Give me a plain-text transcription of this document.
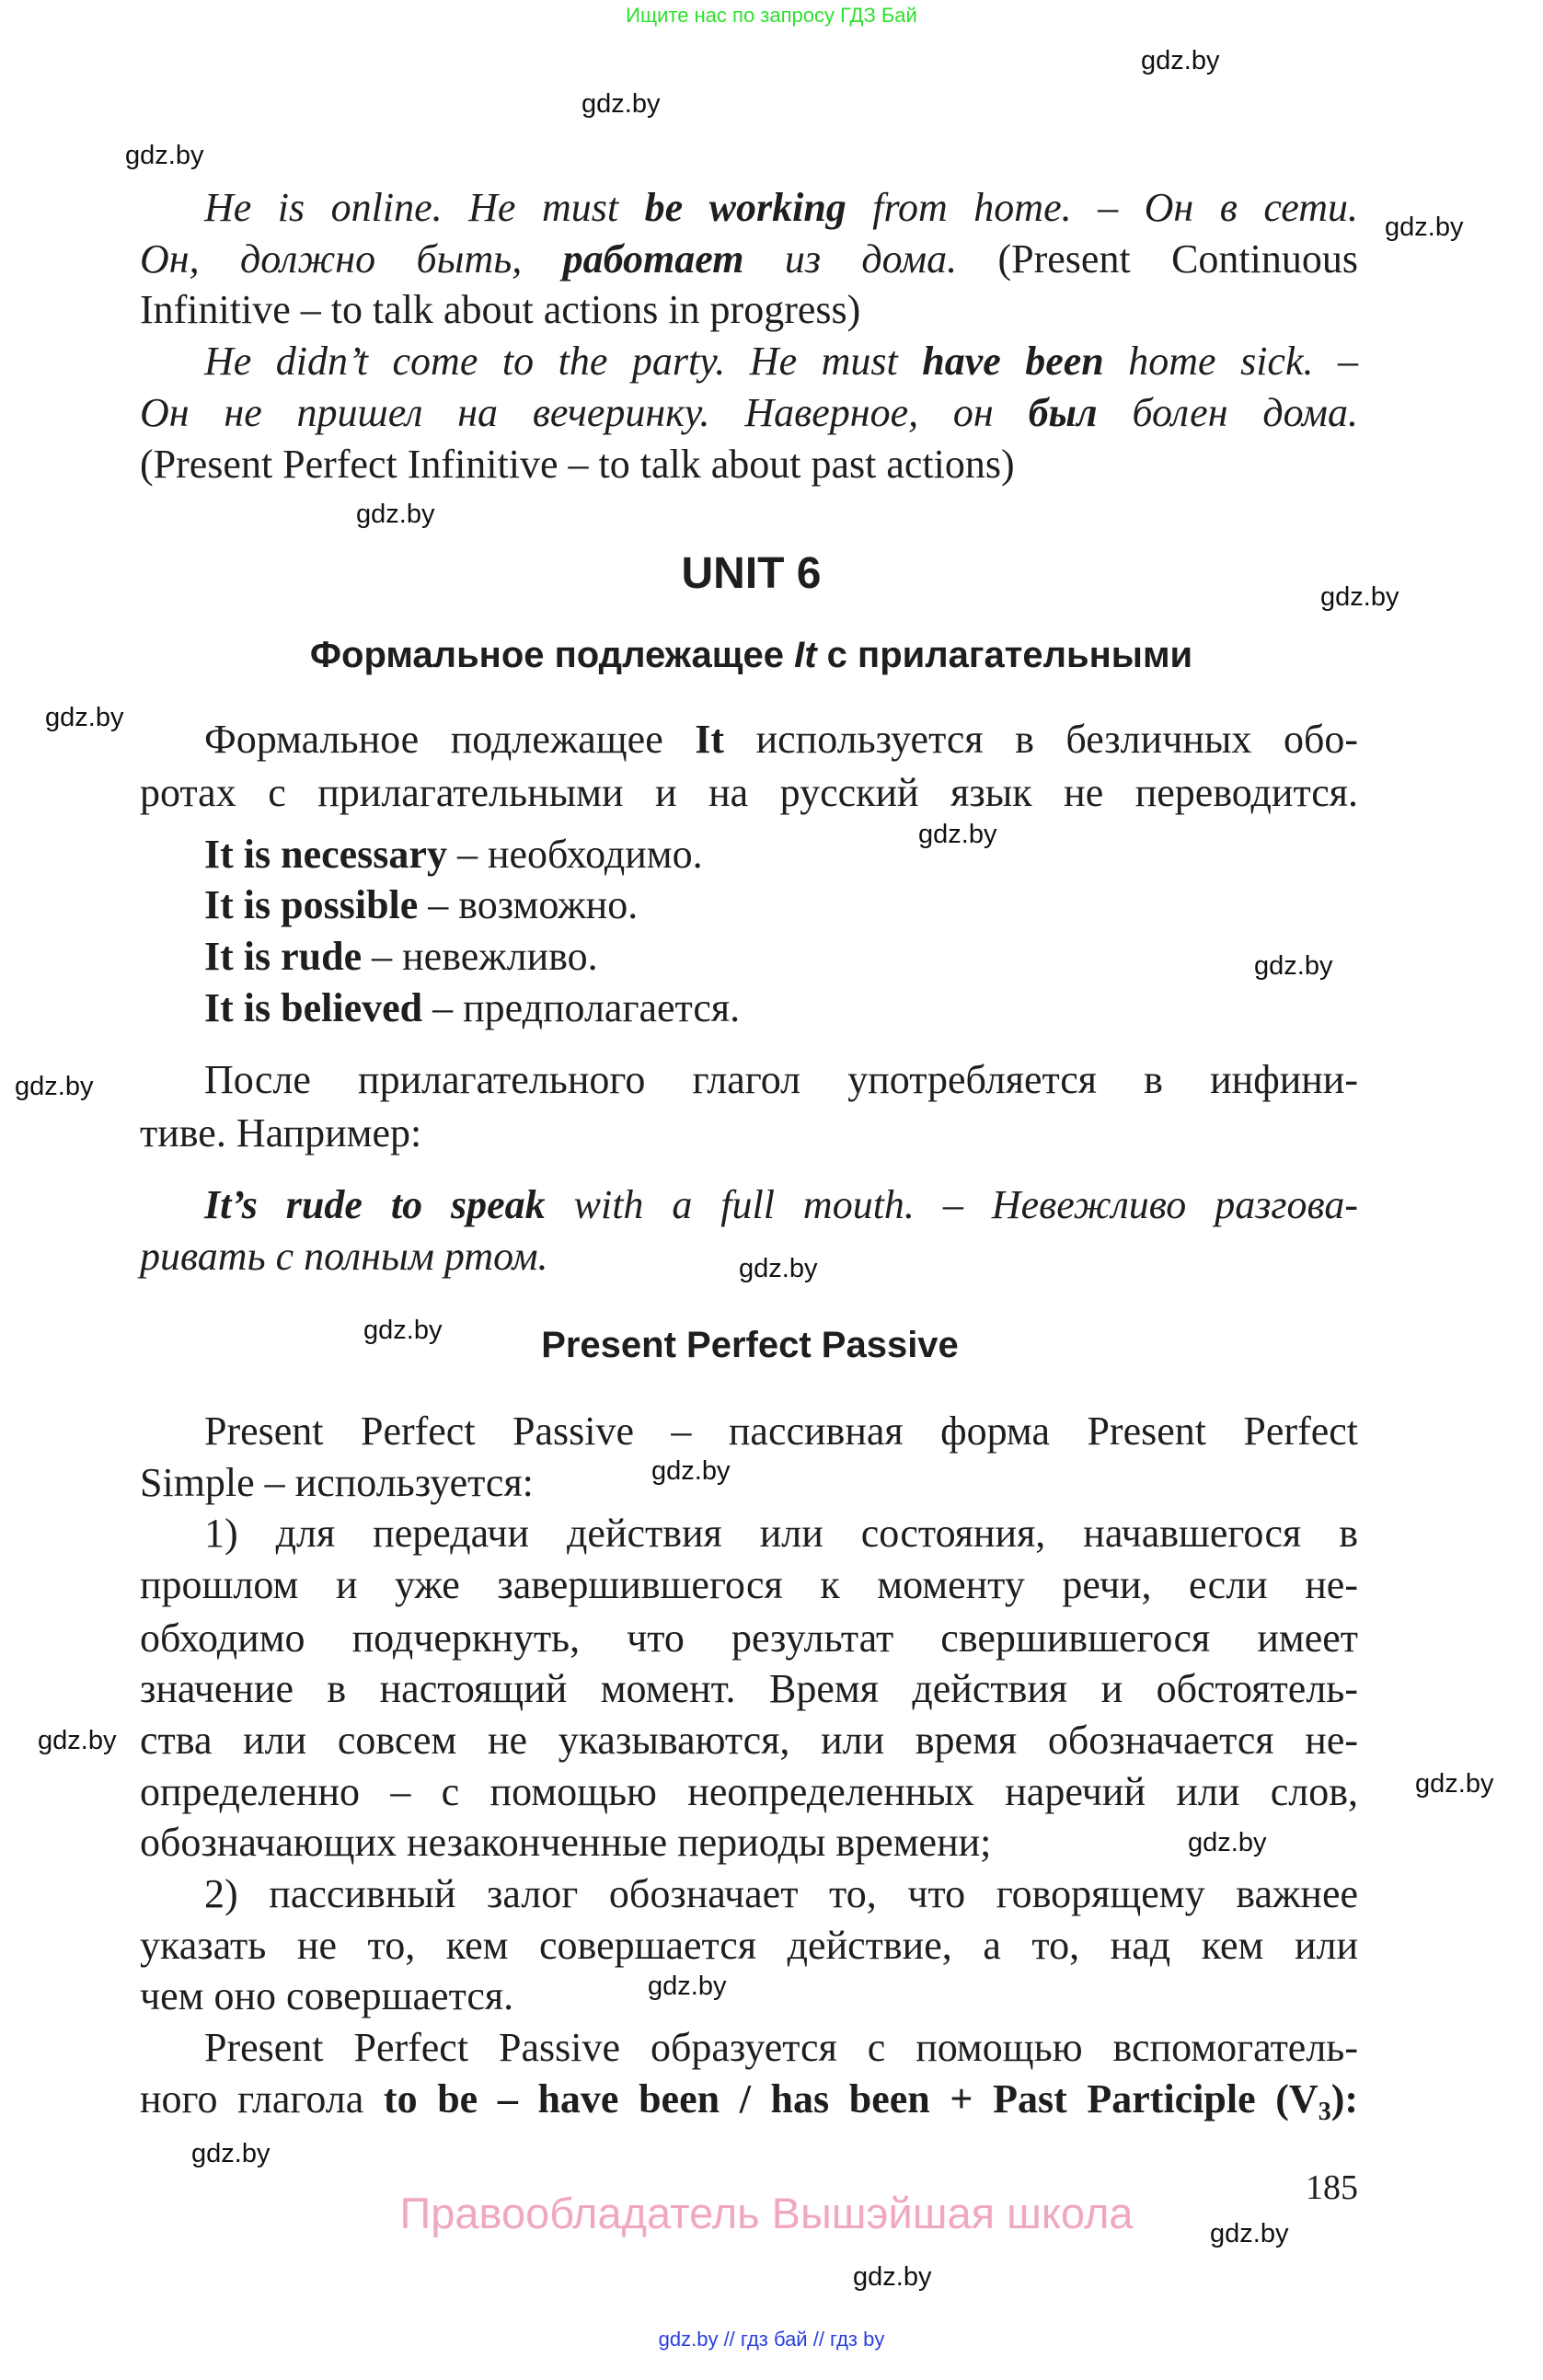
Ищите нас по запросу ГДЗ Бай
UNIT 6
Формальное подлежащее It с прилагательными
Present Perfect Passive
He is online. He must be working from home. – Он в сети.
Он, должно быть, работает из дома. (Present Continuous
Infinitive – to talk about actions in progress)
He didn’t come to the party. He must have been home sick. –
Он не пришел на вечеринку. Наверное, он был болен дома.
(Present Perfect Infinitive – to talk about past actions)
Формальное подлежащее It используется в безличных обо-
ротах с прилагательными и на русский язык не переводится.
It is necessary – необходимо.
It is possible – возможно.
It is rude – невежливо.
It is believed – предполагается.
После прилагательного глагол употребляется в инфини-
тиве. Например:
It’s rude to speak with a full mouth. – Невежливо разгова-
ривать с полным ртом.
Present Perfect Passive – пассивная форма Present Perfect
Simple – используется:
1) для передачи действия или состояния, начавшегося в
прошлом и уже завершившегося к моменту речи, если не-
обходимо подчеркнуть, что результат свершившегося имеет
значение в настоящий момент. Время действия и обстоятель-
ства или совсем не указываются, или время обозначается не-
определенно – с помощью неопределенных наречий или слов,
обозначающих незаконченные периоды времени;
2) пассивный залог обозначает то, что говорящему важнее
указать не то, кем совершается действие, а то, над кем или
чем оно совершается.
Present Perfect Passive образуется с помощью вспомогатель-
ного глагола to be – have been / has been + Past Participle $(V_3)$:
gdz.by
gdz.by
gdz.by
gdz.by
gdz.by
gdz.by
gdz.by
gdz.by
gdz.by
gdz.by
gdz.by
gdz.by
gdz.by
gdz.by
gdz.by
gdz.by
gdz.by
gdz.by
gdz.by
gdz.by
185
Правообладатель Вышэйшая школа
gdz.by // гдз бай // гдз by
